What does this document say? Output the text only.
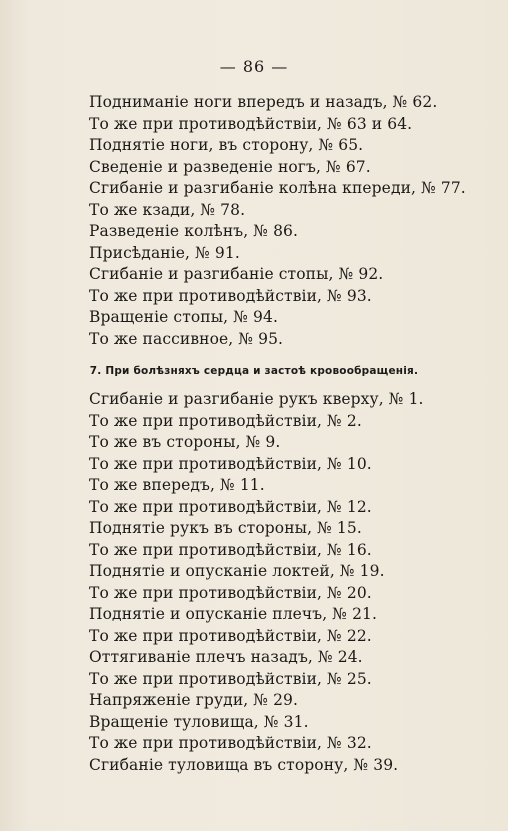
— 86 —
Подниманіе ноги впередъ и назадъ, № 62.
То же при противодѣйствіи, № 63 и 64.
Поднятіе ноги, въ сторону, № 65.
Сведеніе и разведеніе ногъ, № 67.
Сгибаніе и разгибаніе колѣна кпереди, № 77.
То же кзади, № 78.
Разведеніе колѣнъ, № 86.
Присѣданіе, № 91.
Сгибаніе и разгибаніе стопы, № 92.
То же при противодѣйствіи, № 93.
Вращеніе стопы, № 94.
То же пассивное, № 95.
7. При болѣзняхъ сердца и застоѣ кровообращенія.
Сгибаніе и разгибаніе рукъ кверху, № 1.
То же при противодѣйствіи, № 2.
То же въ стороны, № 9.
То же при противодѣйствіи, № 10.
То же впередъ, № 11.
То же при противодѣйствіи, № 12.
Поднятіе рукъ въ стороны, № 15.
То же при противодѣйствіи, № 16.
Поднятіе и опусканіе локтей, № 19.
То же при противодѣйствіи, № 20.
Поднятіе и опусканіе плечъ, № 21.
То же при противодѣйствіи, № 22.
Оттягиваніе плечъ назадъ, № 24.
То же при противодѣйствіи, № 25.
Напряженіе груди, № 29.
Вращеніе туловища, № 31.
То же при противодѣйствіи, № 32.
Сгибаніе туловища въ сторону, № 39.
